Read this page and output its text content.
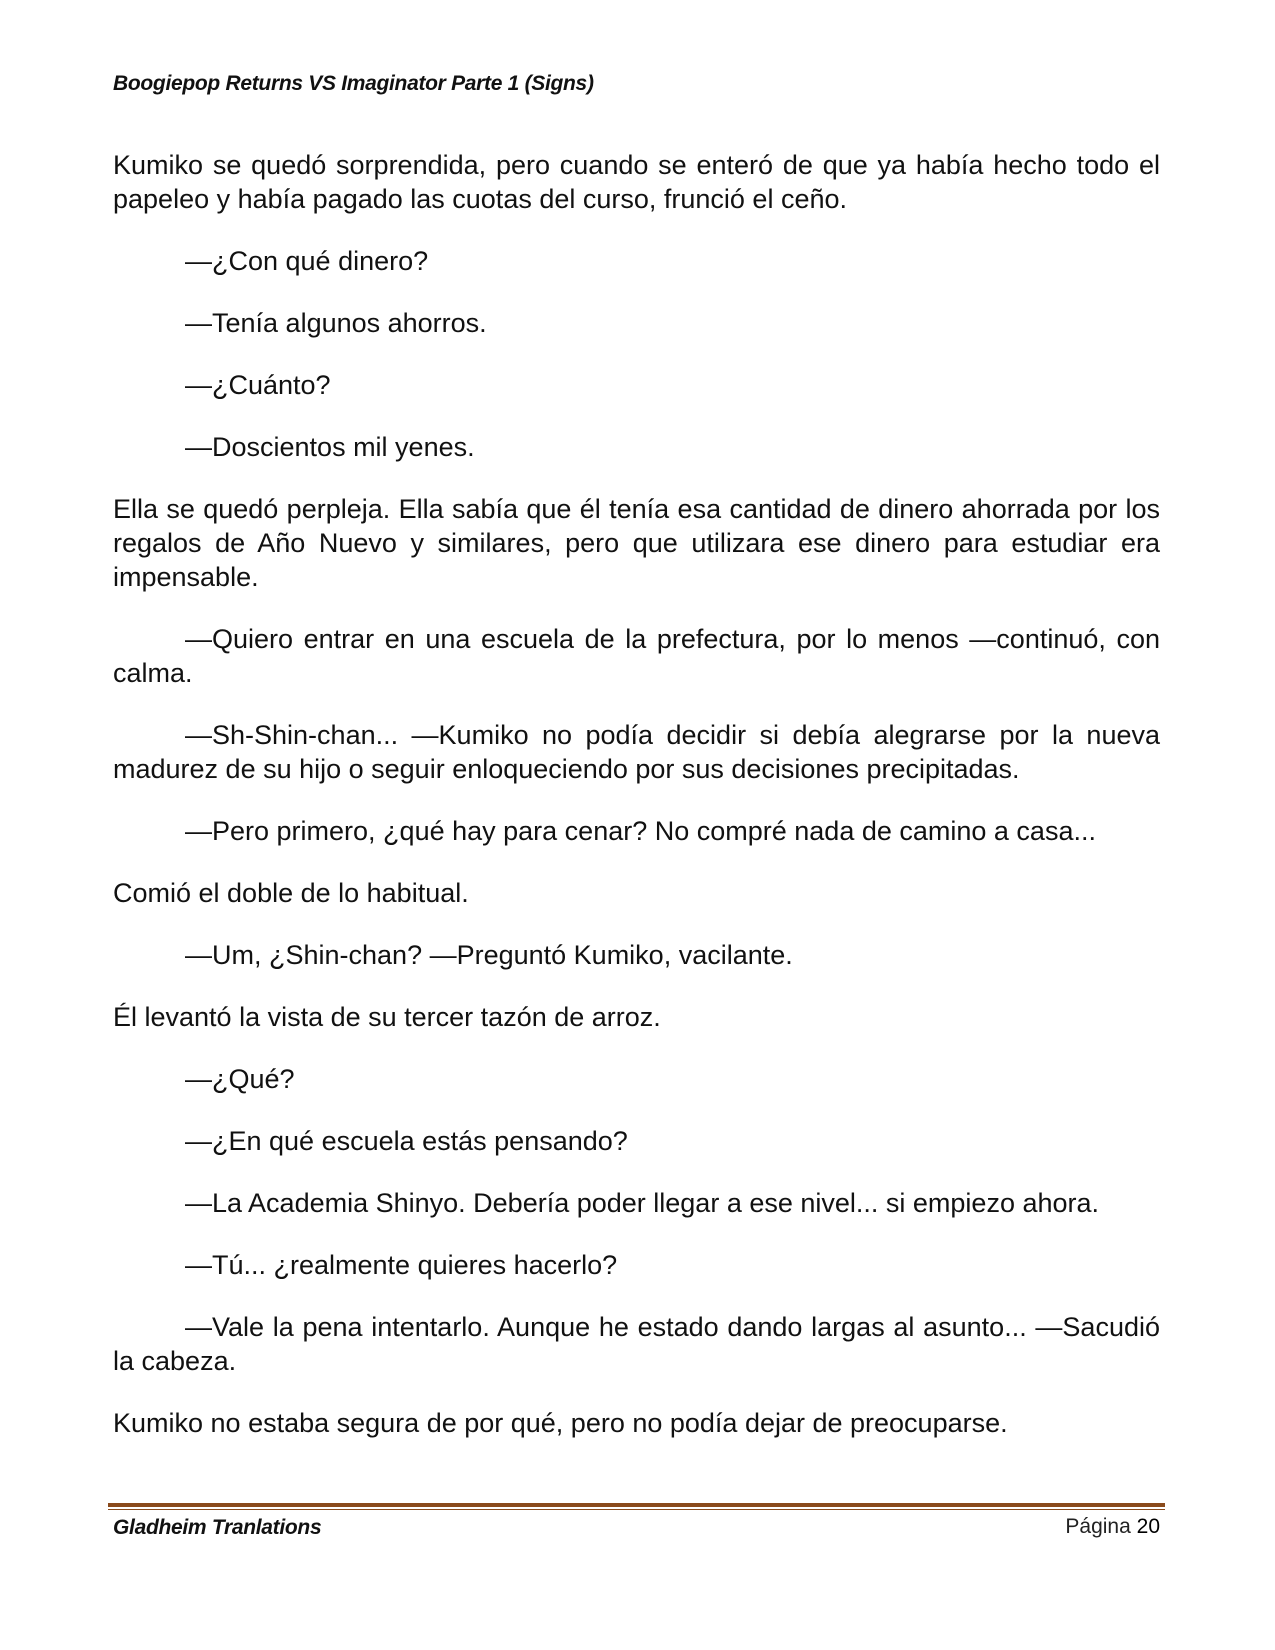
Boogiepop Returns VS Imaginator Parte 1 (Signs)

Kumiko se quedó sorprendida, pero cuando se enteró de que ya había hecho todo el papeleo y había pagado las cuotas del curso, frunció el ceño.

—¿Con qué dinero?

—Tenía algunos ahorros.

—¿Cuánto?

—Doscientos mil yenes.

Ella se quedó perpleja. Ella sabía que él tenía esa cantidad de dinero ahorrada por los regalos de Año Nuevo y similares, pero que utilizara ese dinero para estudiar era impensable.

—Quiero entrar en una escuela de la prefectura, por lo menos —continuó, con calma.

—Sh-Shin-chan... —Kumiko no podía decidir si debía alegrarse por la nueva madurez de su hijo o seguir enloqueciendo por sus decisiones precipitadas.

—Pero primero, ¿qué hay para cenar? No compré nada de camino a casa...

Comió el doble de lo habitual.

—Um, ¿Shin-chan? —Preguntó Kumiko, vacilante.

Él levantó la vista de su tercer tazón de arroz.

—¿Qué?

—¿En qué escuela estás pensando?

—La Academia Shinyo. Debería poder llegar a ese nivel... si empiezo ahora.

—Tú... ¿realmente quieres hacerlo?

—Vale la pena intentarlo. Aunque he estado dando largas al asunto... —Sacudió la cabeza.

Kumiko no estaba segura de por qué, pero no podía dejar de preocuparse.

Gladheim Tranlations	Página 20
